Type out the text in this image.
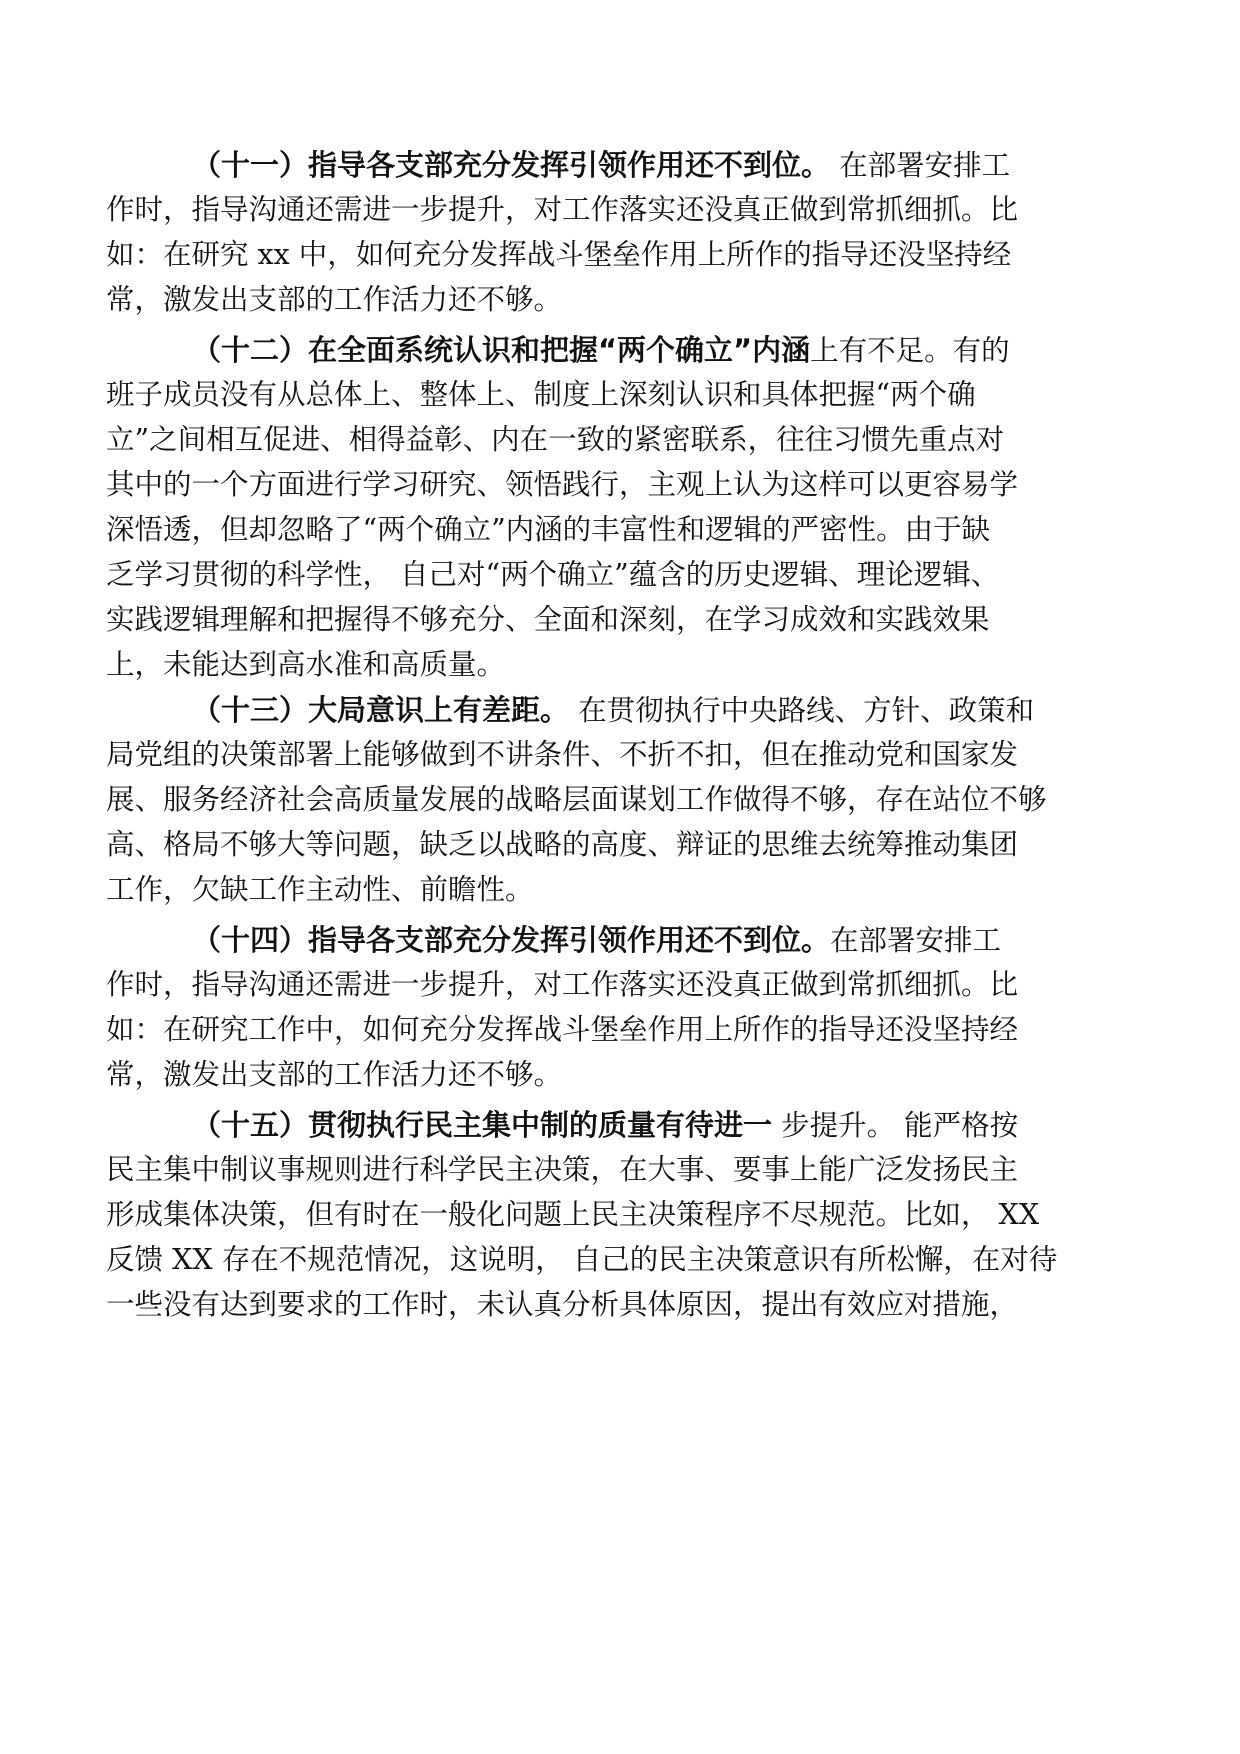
（十一）指导各支部充分发挥引领作用还不到位。 在部署安排工
作时，指导沟通还需进一步提升，对工作落实还没真正做到常抓细抓。比
如：在研究 xx 中，如何充分发挥战斗堡垒作用上所作的指导还没坚持经
常，激发出支部的工作活力还不够。
（十二）在全面系统认识和把握“两个确立”内涵上有不足。有的
班子成员没有从总体上、整体上、制度上深刻认识和具体把握“两个确
立”之间相互促进、相得益彰、内在一致的紧密联系，往往习惯先重点对
其中的一个方面进行学习研究、领悟践行，主观上认为这样可以更容易学
深悟透，但却忽略了“两个确立”内涵的丰富性和逻辑的严密性。由于缺
乏学习贯彻的科学性， 自己对“两个确立”蕴含的历史逻辑、理论逻辑、
实践逻辑理解和把握得不够充分、全面和深刻，在学习成效和实践效果
上，未能达到高水准和高质量。
（十三）大局意识上有差距。 在贯彻执行中央路线、方针、政策和
局党组的决策部署上能够做到不讲条件、不折不扣，但在推动党和国家发
展、服务经济社会高质量发展的战略层面谋划工作做得不够，存在站位不够
高、格局不够大等问题，缺乏以战略的高度、辩证的思维去统筹推动集团
工作，欠缺工作主动性、前瞻性。
（十四）指导各支部充分发挥引领作用还不到位。在部署安排工
作时，指导沟通还需进一步提升，对工作落实还没真正做到常抓细抓。比
如：在研究工作中，如何充分发挥战斗堡垒作用上所作的指导还没坚持经
常，激发出支部的工作活力还不够。
（十五）贯彻执行民主集中制的质量有待进一 步提升。 能严格按
民主集中制议事规则进行科学民主决策，在大事、要事上能广泛发扬民主
形成集体决策，但有时在一般化问题上民主决策程序不尽规范。比如， XX
反馈 XX 存在不规范情况，这说明， 自己的民主决策意识有所松懈，在对待
一些没有达到要求的工作时，未认真分析具体原因，提出有效应对措施，
